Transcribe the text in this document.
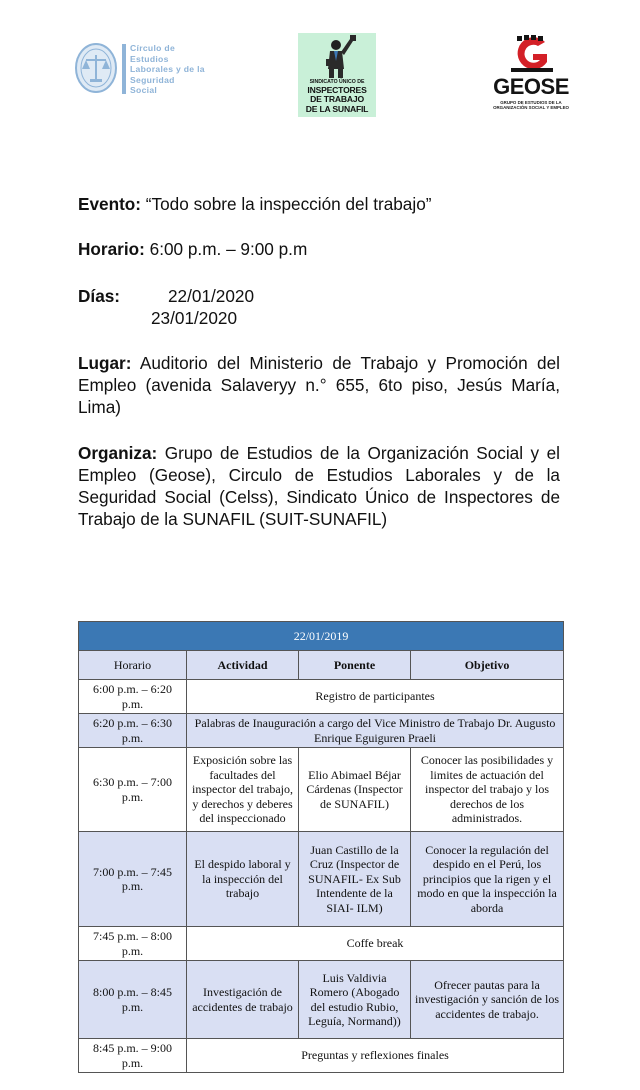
Círculo de
Estudios
Laborales y de la
Seguridad
Social
SINDICATO ÚNICO DE
INSPECTORES
DE TRABAJO
DE LA SUNAFIL
GEOSE
GRUPO DE ESTUDIOS DE LA
ORGANIZACIÓN SOCIAL Y EMPLEO
Evento: “Todo sobre la inspección del trabajo”
Horario: 6:00 p.m. – 9:00 p.m
Días:	22/01/2020
23/01/2020
Lugar: Auditorio del Ministerio de Trabajo y Promoción del Empleo (avenida Salaveryy n.° 655, 6to piso, Jesús María, Lima)
Organiza: Grupo de Estudios de la Organización Social y el Empleo (Geose), Circulo de Estudios Laborales y de la Seguridad Social (Celss), Sindicato Único de Inspectores de Trabajo de la SUNAFIL (SUIT-SUNAFIL)
22/01/2019			
Horario	Actividad	Ponente	Objetivo
6:00 p.m. – 6:20 p.m.	Registro de participantes		
6:20 p.m. – 6:30 p.m.	Palabras de Inauguración a cargo del Vice Ministro de Trabajo Dr. Augusto Enrique Eguiguren Praeli		
6:30 p.m. – 7:00 p.m.	Exposición sobre las facultades del inspector del trabajo, y derechos y deberes del inspeccionado	Elio Abimael Béjar Cárdenas (Inspector de SUNAFIL)	Conocer las posibilidades y limites de actuación del inspector del trabajo y los derechos de los administrados.
7:00 p.m. – 7:45 p.m.	El despido laboral y la inspección del trabajo	Juan Castillo de la Cruz (Inspector de SUNAFIL- Ex Sub Intendente de la SIAI- ILM)	Conocer la regulación del despido en el Perú, los principios que la rigen y el modo en que la inspección la aborda
7:45 p.m. – 8:00 p.m.	Coffe break		
8:00 p.m. – 8:45 p.m.	Investigación de accidentes de trabajo	Luis Valdivia Romero (Abogado del estudio Rubio, Leguía, Normand))	Ofrecer pautas para la investigación y sanción de los accidentes de trabajo.
8:45 p.m. – 9:00 p.m.	Preguntas y reflexiones finales		
